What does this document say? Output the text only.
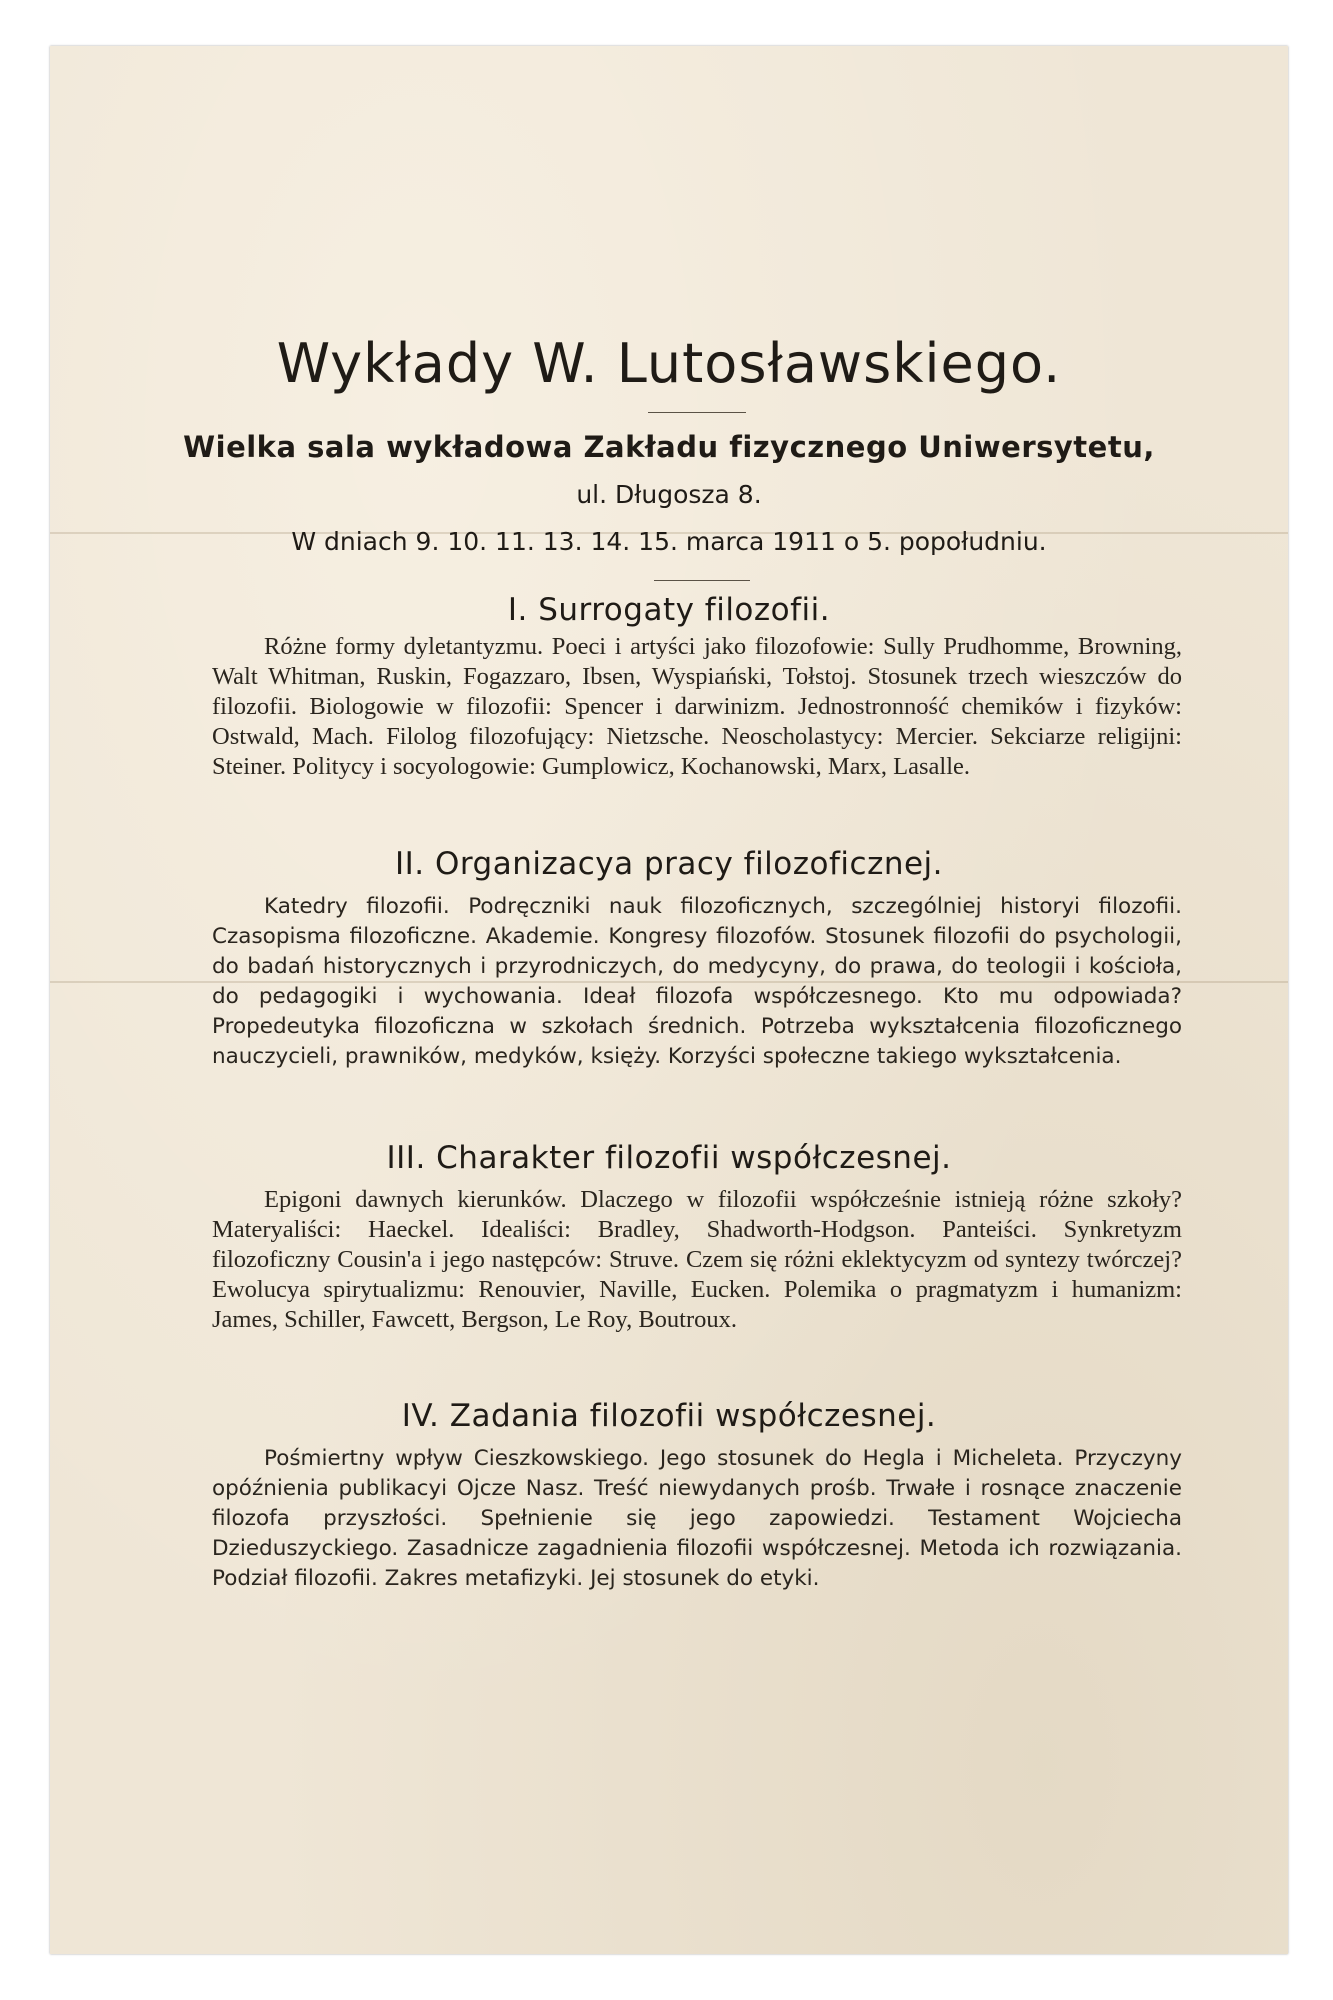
Wykłady W. Lutosławskiego.
Wielka sala wykładowa Zakładu fizycznego Uniwersytetu,
ul. Długosza 8.
W dniach 9. 10. 11. 13. 14. 15. marca 1911 o 5. popołudniu.
I. Surrogaty filozofii.

Różne formy dyletantyzmu. Poeci i artyści jako filozofowie: Sully Prudhomme, Browning, Walt Whitman, Ruskin, Fogazzaro, Ibsen, Wyspiański, Tołstoj. Stosunek trzech wieszczów do filozofii. Biologowie w filozofii: Spencer i darwinizm. Jednostronność chemików i fizyków: Ostwald, Mach. Filolog filozofujący: Nietzsche. Neoscholastycy: Mercier. Sekciarze religijni: Steiner. Politycy i socyologowie: Gumplowicz, Kochanowski, Marx, Lasalle.

II. Organizacya pracy filozoficznej.

Katedry filozofii. Podręczniki nauk filozoficznych, szczególniej historyi filozofii. Czasopisma filozoficzne. Akademie. Kongresy filozofów. Stosunek filozofii do psychologii, do badań historycznych i przyrodniczych, do medycyny, do prawa, do teologii i kościoła, do pedagogiki i wychowania. Ideał filozofa współczesnego. Kto mu odpowiada? Propedeutyka filozoficzna w szkołach średnich. Potrzeba wykształcenia filozoficznego nauczycieli, prawników, medyków, księży. Korzyści społeczne takiego wykształcenia.

III. Charakter filozofii współczesnej.

Epigoni dawnych kierunków. Dlaczego w filozofii współcześnie istnieją różne szkoły? Materyaliści: Haeckel. Idealiści: Bradley, Shadworth-Hodgson. Panteiści. Synkretyzm filozoficzny Cousin'a i jego następców: Struve. Czem się różni eklektycyzm od syntezy twórczej? Ewolucya spirytualizmu: Renouvier, Naville, Eucken. Polemika o pragmatyzm i humanizm: James, Schiller, Fawcett, Bergson, Le Roy, Boutroux.

IV. Zadania filozofii współczesnej.

Pośmiertny wpływ Cieszkowskiego. Jego stosunek do Hegla i Micheleta. Przyczyny opóźnienia publikacyi Ojcze Nasz. Treść niewydanych prośb. Trwałe i rosnące znaczenie filozofa przyszłości. Spełnienie się jego zapowiedzi. Testament Wojciecha Dzieduszyckiego. Zasadnicze zagadnienia filozofii współczesnej. Metoda ich rozwiązania. Podział filozofii. Zakres metafizyki. Jej stosunek do etyki.
